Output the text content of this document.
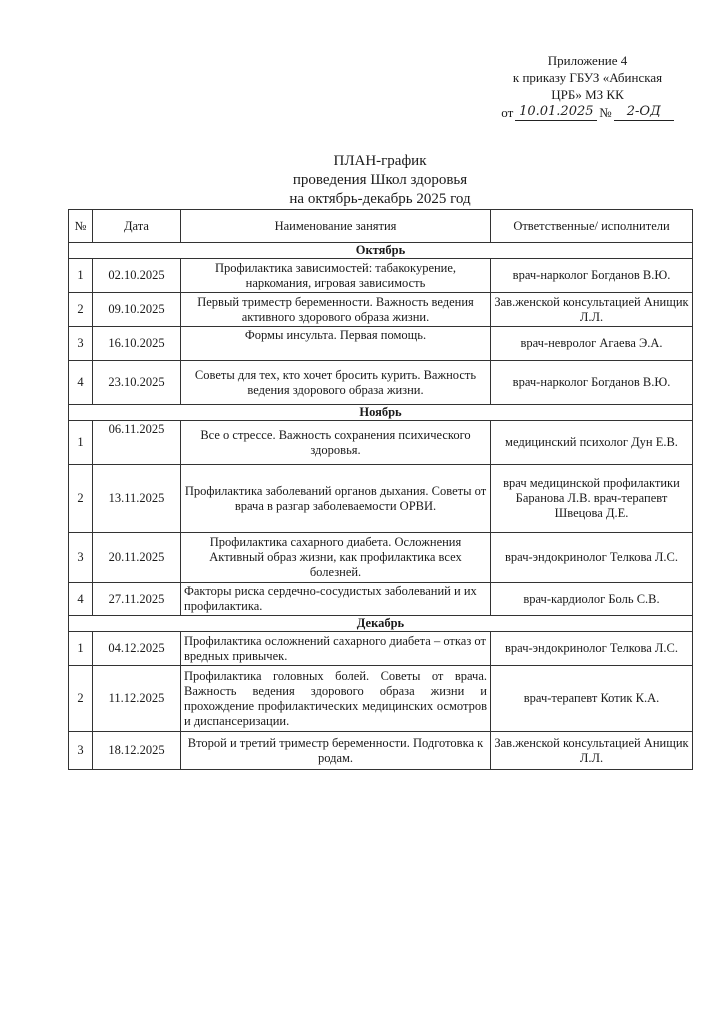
Приложение 4
к приказу ГБУЗ «Абинская
ЦРБ» МЗ КК
от 10.01.2025 №	2-ОД
ПЛАН-график
проведения Школ здоровья
на октябрь-декабрь 2025 год
№	Дата	Наименование занятия	Ответственные/ исполнители
Октябрь			
1	02.10.2025	Профилактика зависимостей: табакокурение, наркомания, игровая зависимость	врач-нарколог Богданов В.Ю.
2	09.10.2025	Первый триместр беременности. Важность ведения активного здорового образа жизни.	Зав.женской консультацией Анищик Л.Л.
3	16.10.2025	Формы инсульта. Первая помощь.	врач-невролог Агаева Э.А.
4	23.10.2025	Советы для тех, кто хочет бросить курить. Важность ведения здорового образа жизни.	врач-нарколог Богданов В.Ю.
Ноябрь			
1	06.11.2025	Все о стрессе. Важность сохранения психического здоровья.	медицинский психолог Дун Е.В.
2	13.11.2025	Профилактика заболеваний органов дыхания. Советы от врача в разгар заболеваемости ОРВИ.	врач медицинской профилактики Баранова Л.В. врач-терапевт Швецова Д.Е.
3	20.11.2025	Профилактика сахарного диабета. Осложнения Активный образ жизни, как профилактика всех болезней.	врач-эндокринолог Телкова Л.С.
4	27.11.2025	Факторы риска сердечно-сосудистых заболеваний и их профилактика.	врач-кардиолог Боль С.В.
Декабрь			
1	04.12.2025	Профилактика осложнений сахарного диабета – отказ от вредных привычек.	врач-эндокринолог Телкова Л.С.
2	11.12.2025	Профилактика головных болей. Советы от врача. Важность ведения здорового образа жизни и прохождение профилактических медицинских осмотров и диспансеризации.	врач-терапевт Котик К.А.
3	18.12.2025	Второй и третий триместр беременности. Подготовка к родам.	Зав.женской консультацией Анищик Л.Л.
